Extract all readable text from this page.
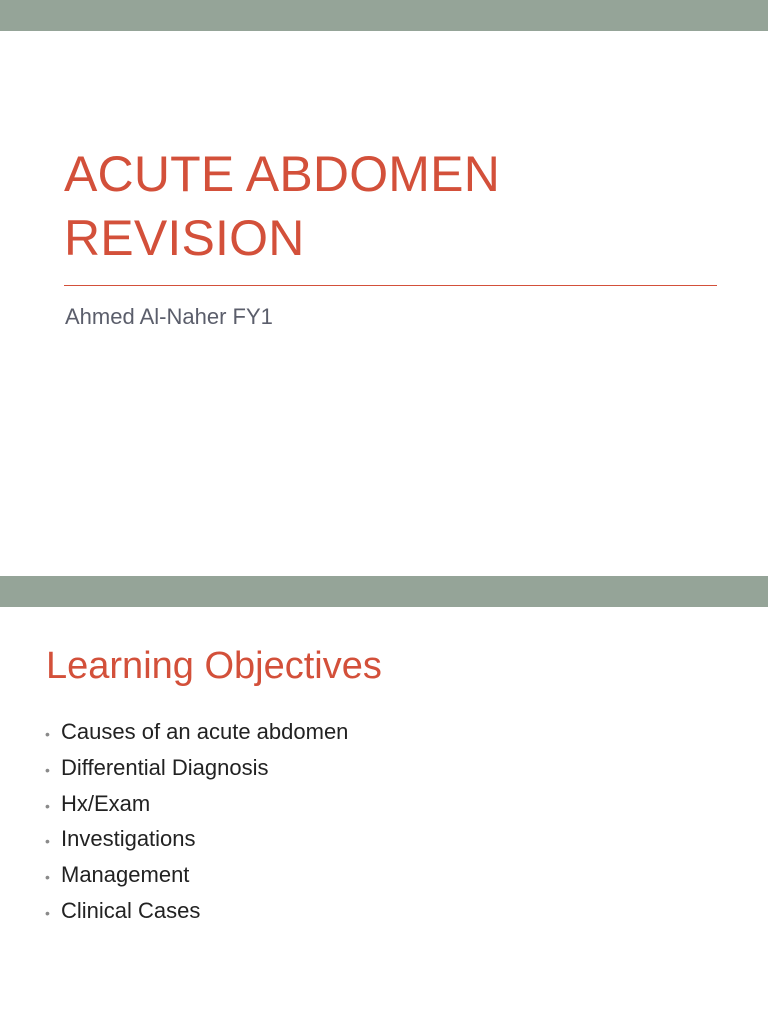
ACUTE ABDOMEN
REVISION
Ahmed Al-Naher FY1
Learning Objectives
• Causes of an acute abdomen
• Differential Diagnosis
• Hx/Exam
• Investigations
• Management
• Clinical Cases
